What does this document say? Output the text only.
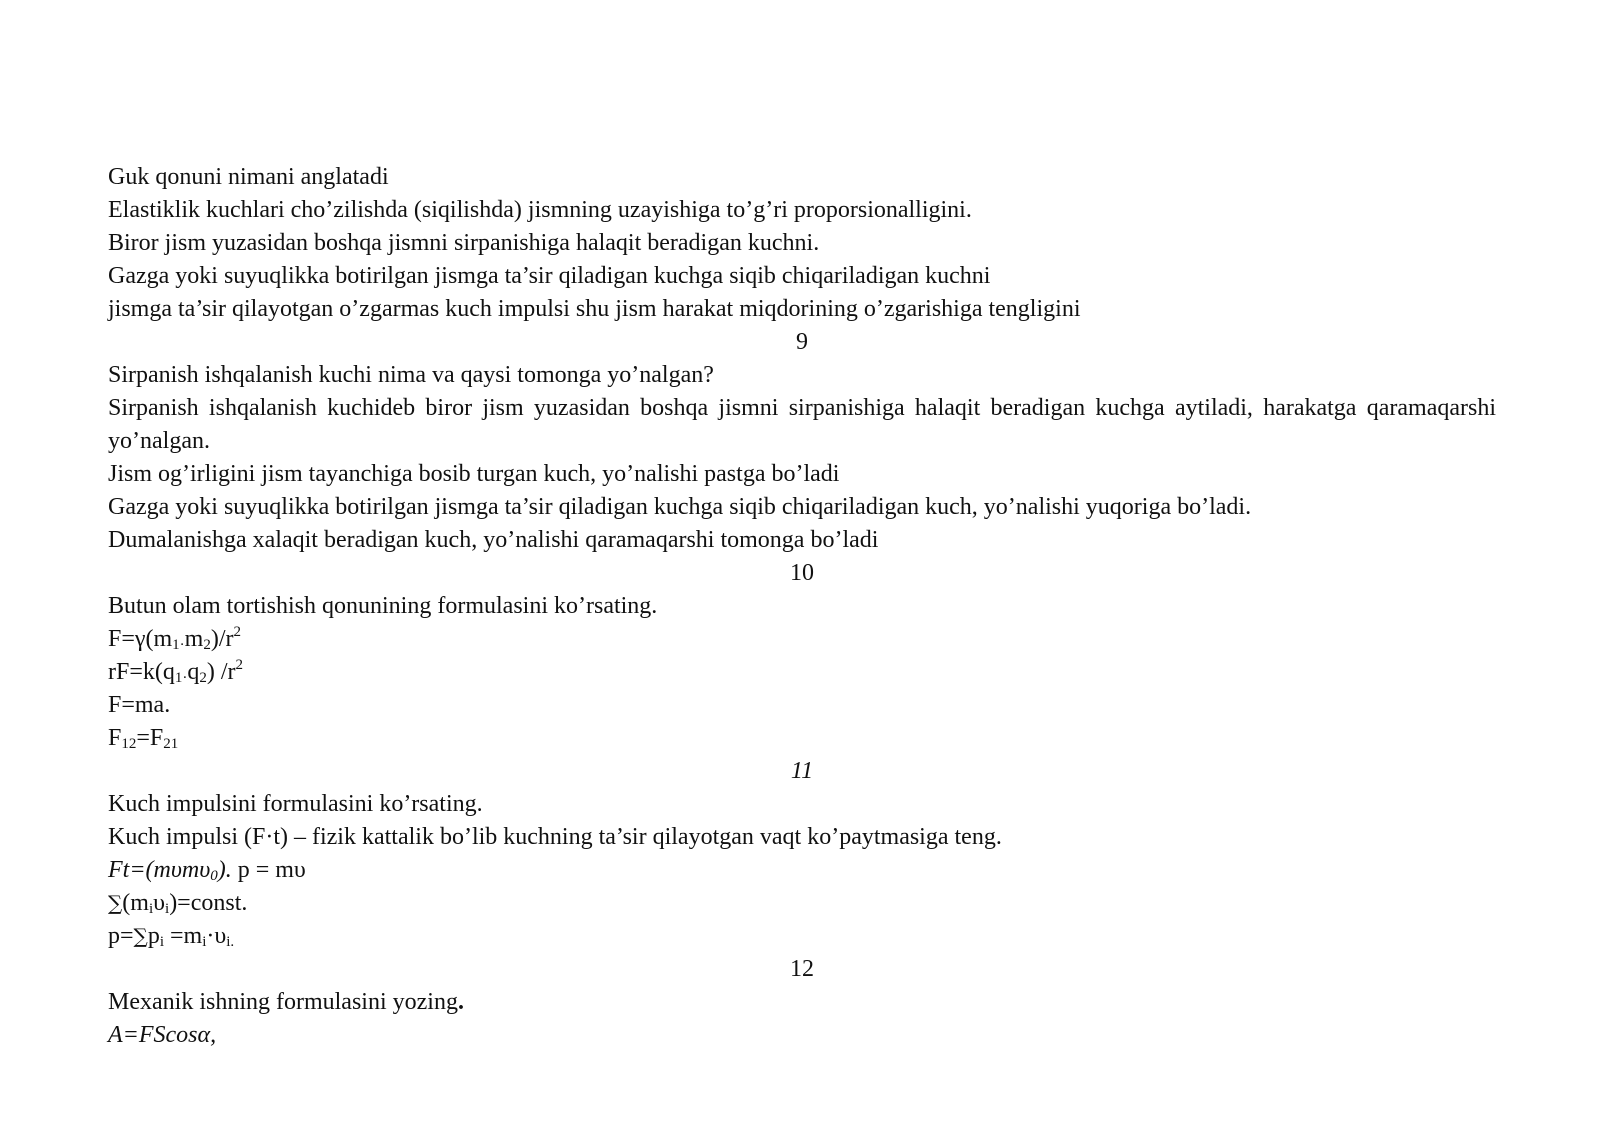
Guk qonuni nimani anglatadi
Elastiklik kuchlari cho’zilishda (siqilishda) jismning uzayishiga to’g’ri proporsionalligini.
Biror jism yuzasidan boshqa jismni sirpanishiga halaqit beradigan kuchni.
Gazga yoki suyuqlikka botirilgan jismga ta’sir qiladigan kuchga siqib chiqariladigan kuchni
jismga ta’sir qilayotgan o’zgarmas kuch impulsi shu jism harakat miqdorining o’zgarishiga tengligini
9
Sirpanish ishqalanish kuchi nima va qaysi tomonga yo’nalgan?
Sirpanish ishqalanish kuchideb biror jism yuzasidan boshqa jismni sirpanishiga halaqit beradigan kuchga aytiladi, harakatga qaramaqarshi yo’nalgan.
Jism og’irligini jism tayanchiga bosib turgan kuch, yo’nalishi pastga bo’ladi
Gazga yoki suyuqlikka botirilgan jismga ta’sir qiladigan kuchga siqib chiqariladigan kuch, yo’nalishi yuqoriga bo’ladi.
Dumalanishga xalaqit beradigan kuch, yo’nalishi qaramaqarshi tomonga bo’ladi
10
Butun olam tortishish qonunining formulasini ko’rsating.
$F=\gamma(m_{1\cdot}m_2)/r^2$
$rF=k(q_{1\cdot}q_2)$ $/r^2$
F=ma.
$F_{12}=F_{21}$
11
Kuch impulsini formulasini ko’rsating.
Kuch impulsi (F·t) – fizik kattalik bo’lib kuchning ta’sir qilayotgan vaqt ko’paytmasiga teng.
Ft=(mυmυ$_0$). p = mυ
$\sum(m_i\upsilon_i)=const$.
$p=\sum p_i =m_i\cdot\upsilon_{i.}$
12
Mexanik ishning formulasini yozing.
A=FScosα,
